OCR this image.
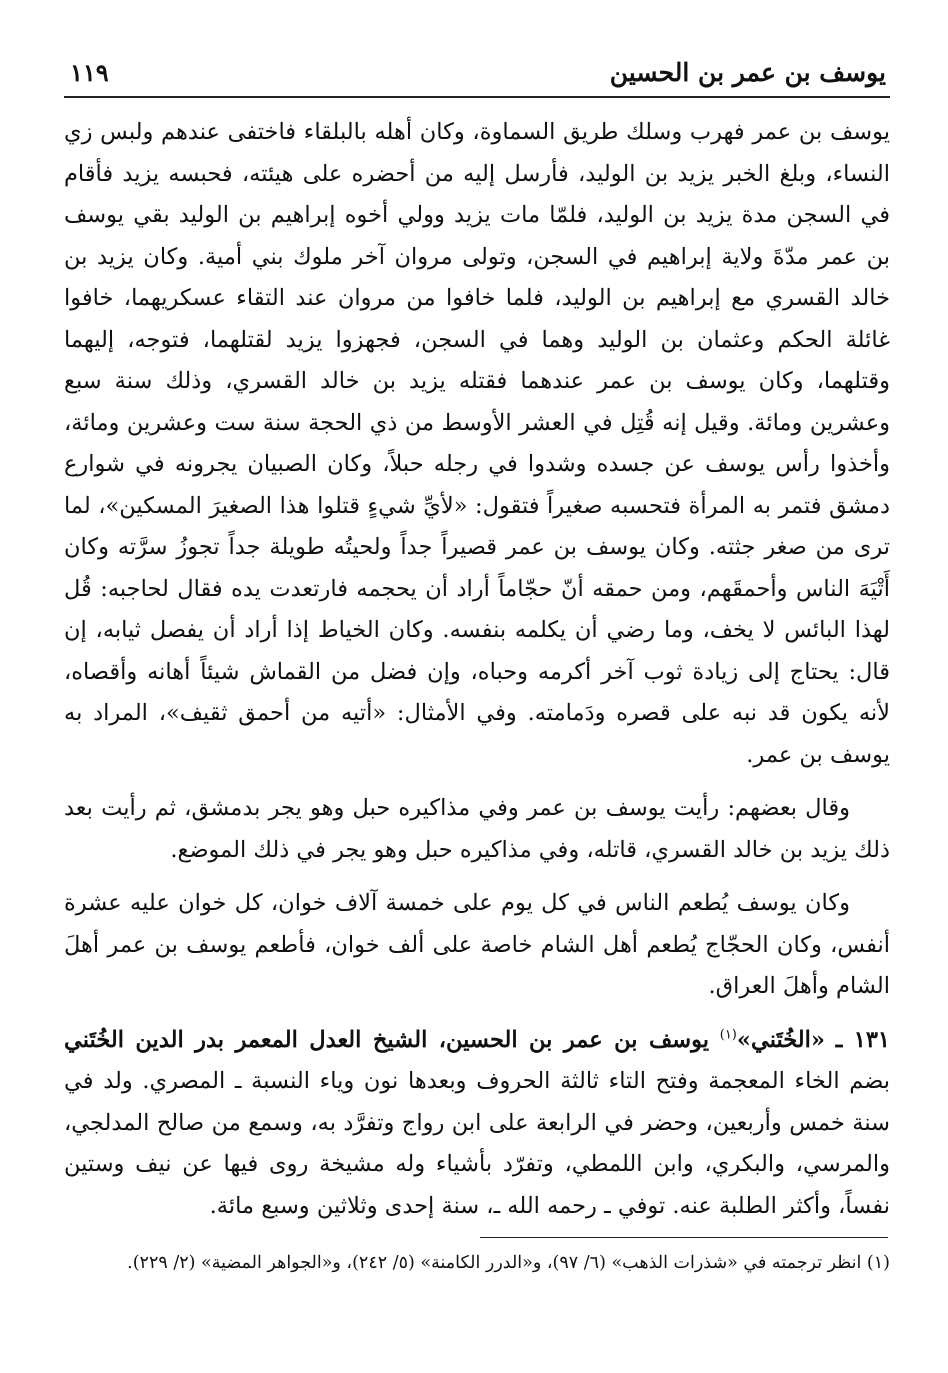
يوسف بن عمر بن الحسين
١١٩

يوسف بن عمر فهرب وسلك طريق السماوة، وكان أهله بالبلقاء فاختفى عندهم ولبس زي النساء، وبلغ الخبر يزيد بن الوليد، فأرسل إليه من أحضره على هيئته، فحبسه يزيد فأقام في السجن مدة يزيد بن الوليد، فلمّا مات يزيد وولي أخوه إبراهيم بن الوليد بقي يوسف بن عمر مدّةَ ولاية إبراهيم في السجن، وتولى مروان آخر ملوك بني أمية. وكان يزيد بن خالد القسري مع إبراهيم بن الوليد، فلما خافوا من مروان عند التقاء عسكريهما، خافوا غائلة الحكم وعثمان بن الوليد وهما في السجن، فجهزوا يزيد لقتلهما، فتوجه، إليهما وقتلهما، وكان يوسف بن عمر عندهما فقتله يزيد بن خالد القسري، وذلك سنة سبع وعشرين ومائة. وقيل إنه قُتِل في العشر الأوسط من ذي الحجة سنة ست وعشرين ومائة، وأخذوا رأس يوسف عن جسده وشدوا في رجله حبلاً، وكان الصبيان يجرونه في شوارع دمشق فتمر به المرأة فتحسبه صغيراً فتقول: «لأيِّ شيءٍ قتلوا هذا الصغيرَ المسكين»، لما ترى من صغر جثته. وكان يوسف بن عمر قصيراً جداً ولحيتُه طويلة جداً تجوزُ سرَّته وكان أَتْيَهَ الناس وأحمقَهم، ومن حمقه أنّ حجّاماً أراد أن يحجمه فارتعدت يده فقال لحاجبه: قُل لهذا البائس لا يخف، وما رضي أن يكلمه بنفسه. وكان الخياط إذا أراد أن يفصل ثيابه، إن قال: يحتاج إلى زيادة ثوب آخر أكرمه وحباه، وإن فضل من القماش شيئاً أهانه وأقصاه، لأنه يكون قد نبه على قصره ودَمامته. وفي الأمثال: «أتيه من أحمق ثقيف»، المراد به يوسف بن عمر.

وقال بعضهم: رأيت يوسف بن عمر وفي مذاكيره حبل وهو يجر بدمشق، ثم رأيت بعد ذلك يزيد بن خالد القسري، قاتله، وفي مذاكيره حبل وهو يجر في ذلك الموضع.

وكان يوسف يُطعم الناس في كل يوم على خمسة آلاف خوان، كل خوان عليه عشرة أنفس، وكان الحجّاج يُطعم أهل الشام خاصة على ألف خوان، فأطعم يوسف بن عمر أهلَ الشام وأهلَ العراق.

١٣١ ـ «الخُتَني»$^{(١)}$ يوسف بن عمر بن الحسين، الشيخ العدل المعمر بدر الدين الخُتَني بضم الخاء المعجمة وفتح التاء ثالثة الحروف وبعدها نون وياء النسبة ـ المصري. ولد في سنة خمس وأربعين، وحضر في الرابعة على ابن رواج وتفرَّد به، وسمع من صالح المدلجي، والمرسي، والبكري، وابن اللمطي، وتفرّد بأشياء وله مشيخة روى فيها عن نيف وستين نفساً، وأكثر الطلبة عنه. توفي ـ رحمه الله ـ، سنة إحدى وثلاثين وسبع مائة.

(١) انظر ترجمته في «شذرات الذهب» (٦/ ٩٧)، و«الدرر الكامنة» (٥/ ٢٤٢)، و«الجواهر المضية» (٢/ ٢٢٩).
